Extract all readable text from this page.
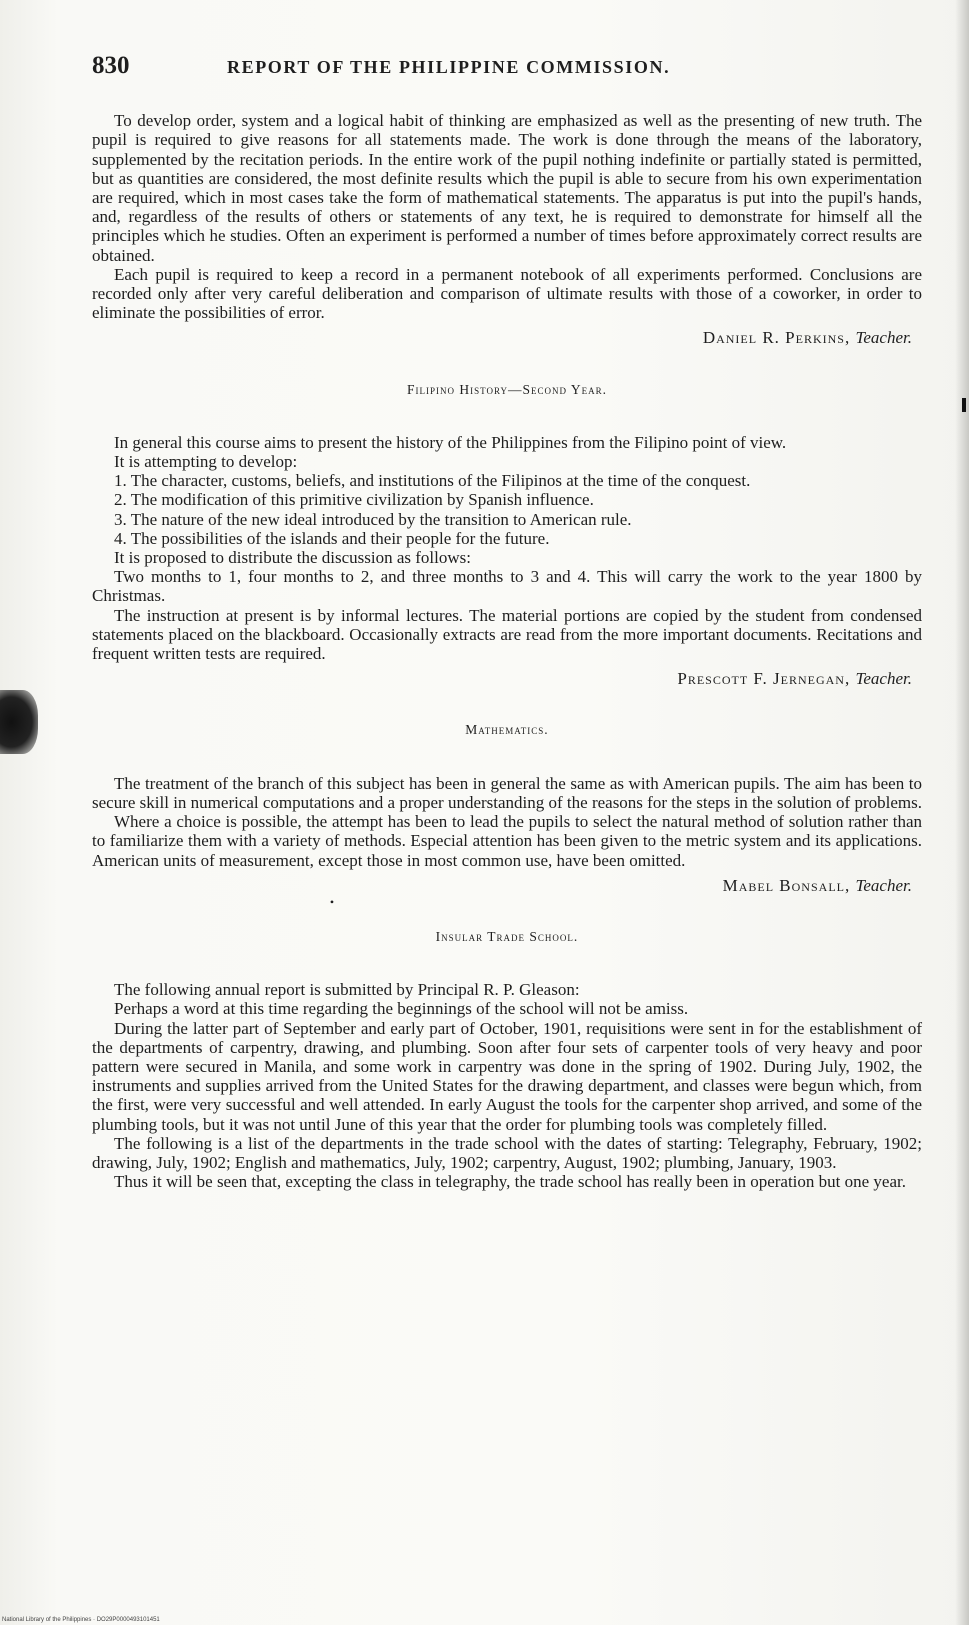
830	REPORT OF THE PHILIPPINE COMMISSION.

To develop order, system and a logical habit of thinking are emphasized as well as the presenting of new truth. The pupil is required to give reasons for all statements made. The work is done through the means of the laboratory, supplemented by the recitation periods. In the entire work of the pupil nothing indefinite or partially stated is permitted, but as quantities are considered, the most definite results which the pupil is able to secure from his own experimentation are required, which in most cases take the form of mathematical statements. The apparatus is put into the pupil's hands, and, regardless of the results of others or statements of any text, he is required to demonstrate for himself all the principles which he studies. Often an experiment is performed a number of times before approximately correct results are obtained.

Each pupil is required to keep a record in a permanent notebook of all experiments performed. Conclusions are recorded only after very careful deliberation and comparison of ultimate results with those of a coworker, in order to eliminate the possibilities of error.

Daniel R. Perkins, Teacher.
Filipino History—Second Year.

In general this course aims to present the history of the Philippines from the Filipino point of view.

It is attempting to develop:

1. The character, customs, beliefs, and institutions of the Filipinos at the time of the conquest.

2. The modification of this primitive civilization by Spanish influence.

3. The nature of the new ideal introduced by the transition to American rule.

4. The possibilities of the islands and their people for the future.

It is proposed to distribute the discussion as follows:

Two months to 1, four months to 2, and three months to 3 and 4. This will carry the work to the year 1800 by Christmas.

The instruction at present is by informal lectures. The material portions are copied by the student from condensed statements placed on the blackboard. Occasionally extracts are read from the more important documents. Recitations and frequent written tests are required.

Prescott F. Jernegan, Teacher.
Mathematics.

The treatment of the branch of this subject has been in general the same as with American pupils. The aim has been to secure skill in numerical computations and a proper understanding of the reasons for the steps in the solution of problems.

Where a choice is possible, the attempt has been to lead the pupils to select the natural method of solution rather than to familiarize them with a variety of methods. Especial attention has been given to the metric system and its applications. American units of measurement, except those in most common use, have been omitted.

Mabel Bonsall, Teacher.
•
Insular Trade School.

The following annual report is submitted by Principal R. P. Gleason:

Perhaps a word at this time regarding the beginnings of the school will not be amiss.

During the latter part of September and early part of October, 1901, requisitions were sent in for the establishment of the departments of carpentry, drawing, and plumbing. Soon after four sets of carpenter tools of very heavy and poor pattern were secured in Manila, and some work in carpentry was done in the spring of 1902. During July, 1902, the instruments and supplies arrived from the United States for the drawing department, and classes were begun which, from the first, were very successful and well attended. In early August the tools for the carpenter shop arrived, and some of the plumbing tools, but it was not until June of this year that the order for plumbing tools was completely filled.

The following is a list of the departments in the trade school with the dates of starting: Telegraphy, February, 1902; drawing, July, 1902; English and mathematics, July, 1902; carpentry, August, 1902; plumbing, January, 1903.

Thus it will be seen that, excepting the class in telegraphy, the trade school has really been in operation but one year.

National Library of the Philippines · DO29P0000493101451
